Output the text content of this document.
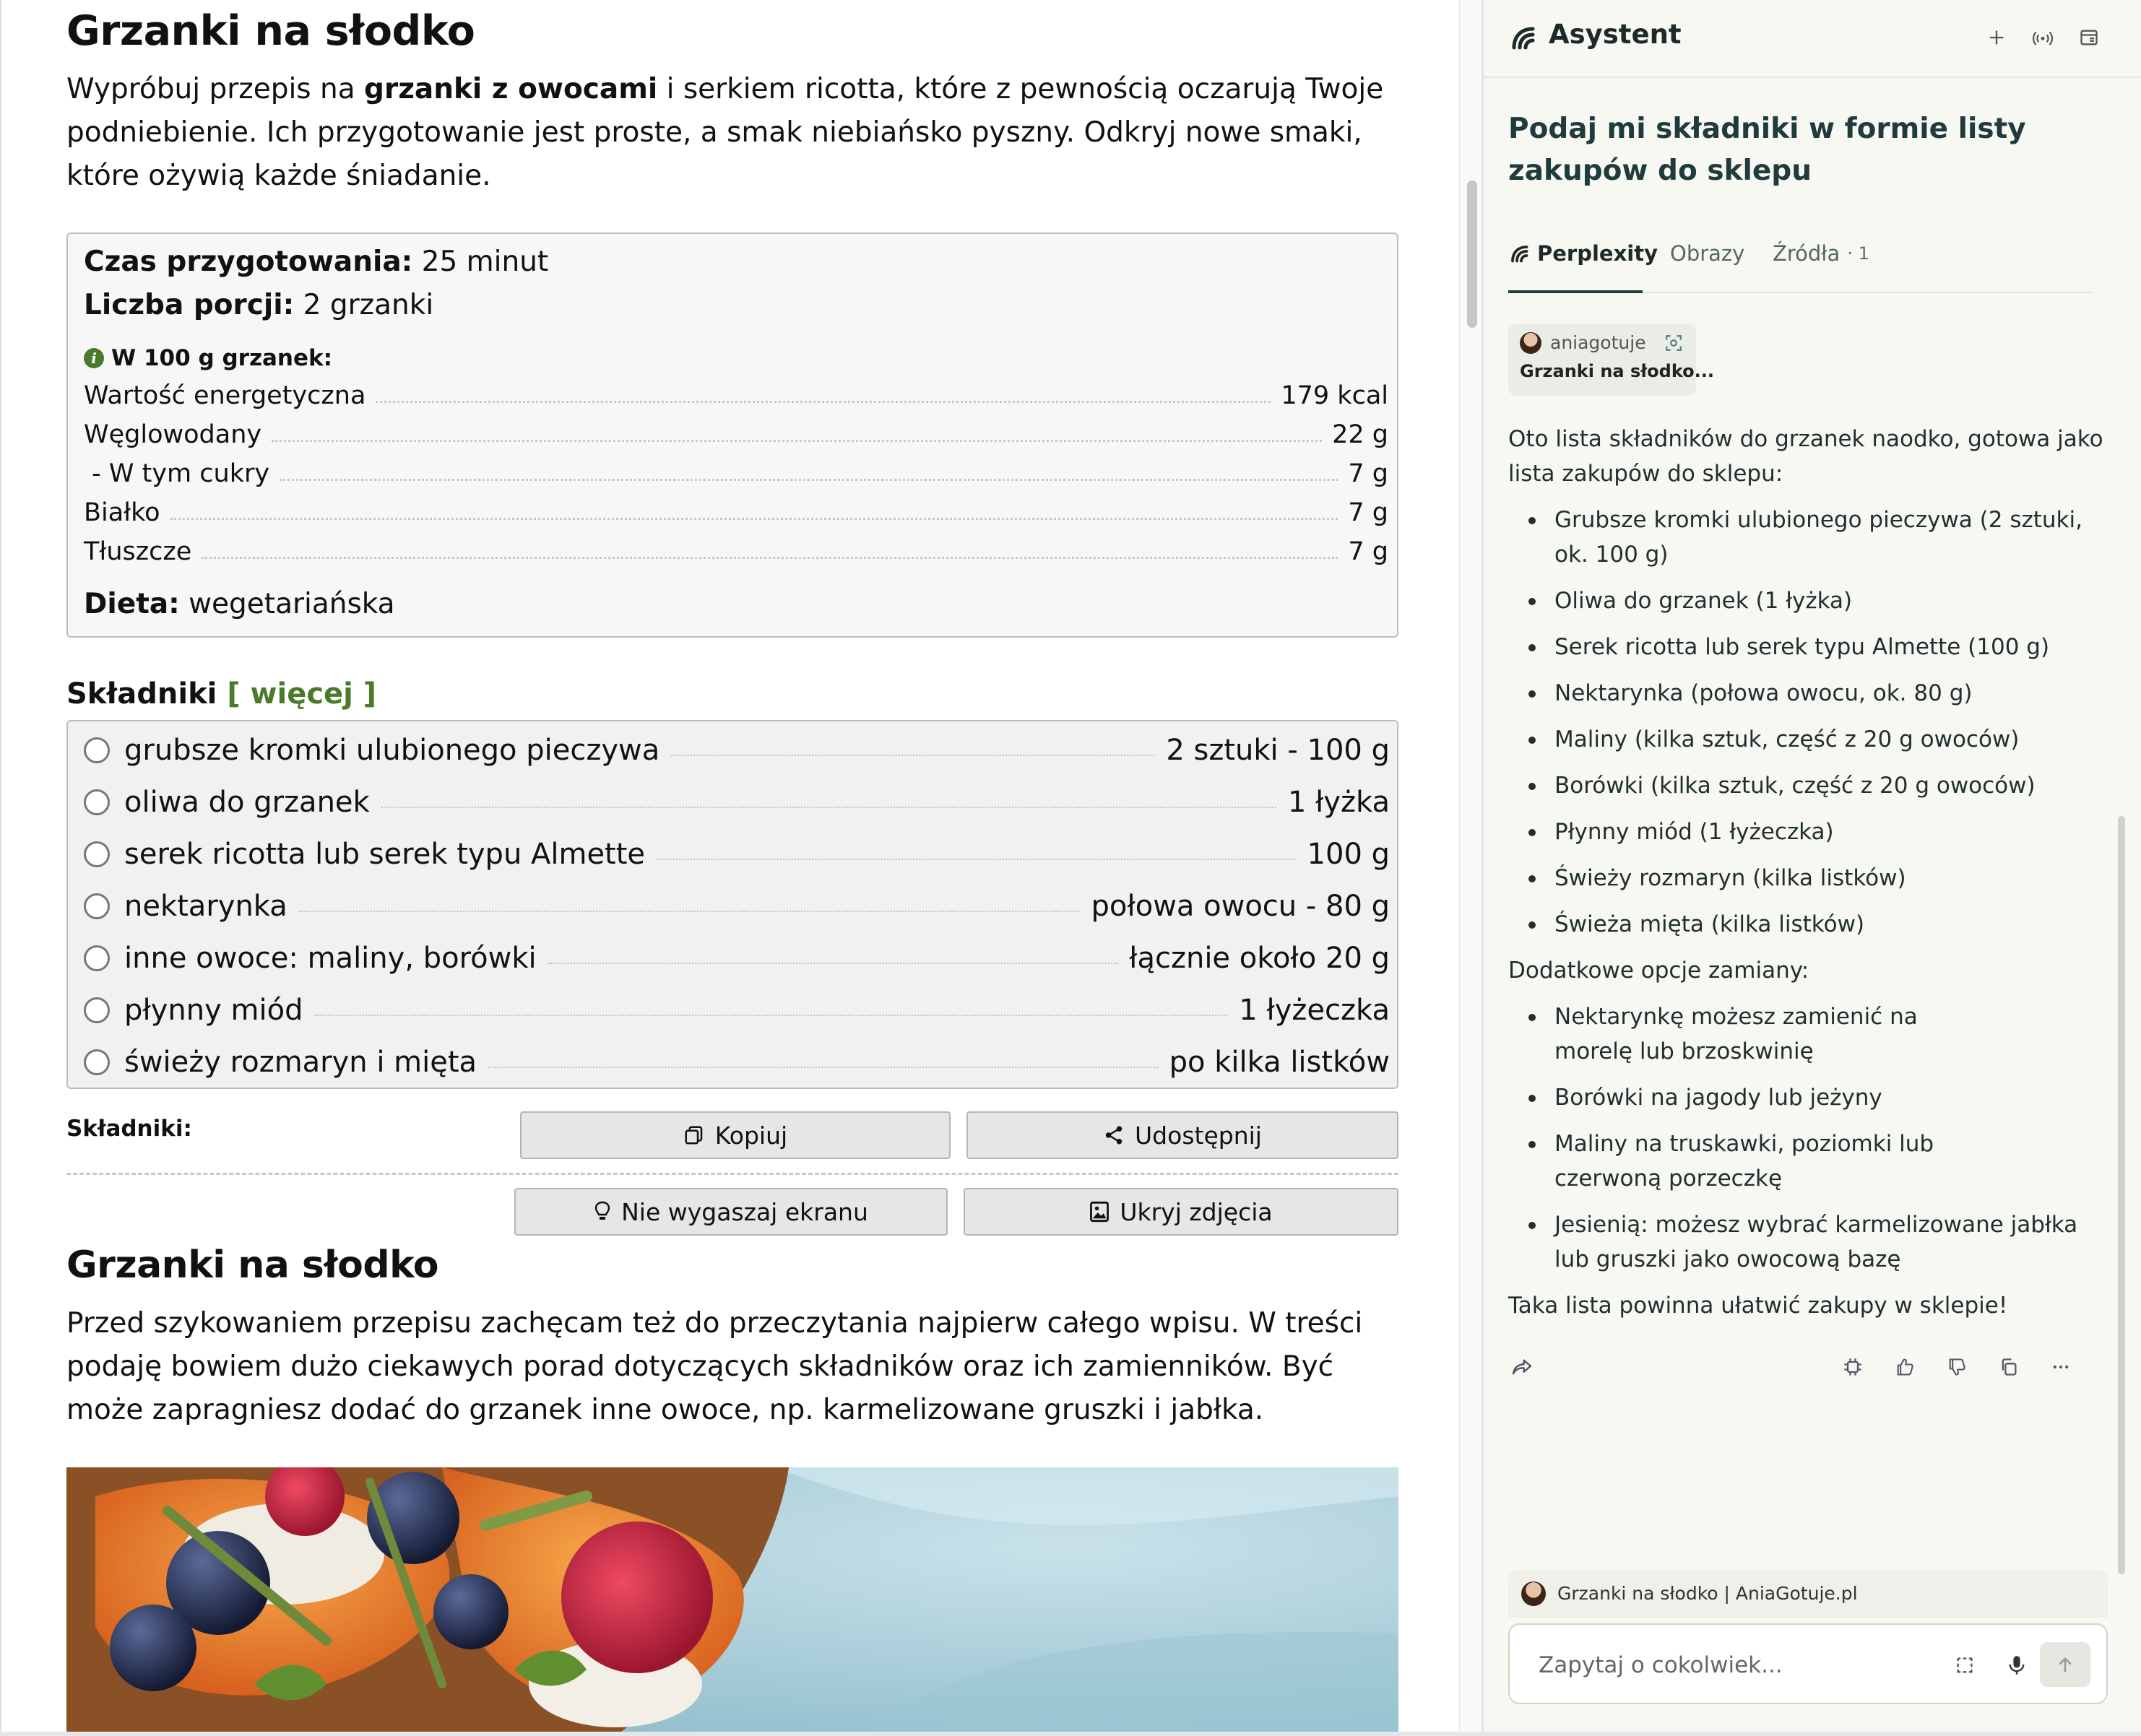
Grzanki na słodko
Wypróbuj przepis na grzanki z owocami i serkiem ricotta, które z pewnością oczarują Twoje podniebienie. Ich przygotowanie jest proste, a smak niebiańsko pyszny. Odkryj nowe smaki, które ożywią każde śniadanie.
Czas przygotowania: 25 minut
Liczba porcji: 2 grzanki
i W 100 g grzanek:
Wartość energetyczna	179 kcal
Węglowodany	22 g
- W tym cukry	7 g
Białko	7 g
Tłuszcze	7 g
Dieta: wegetariańska
Składniki [ więcej ]
grubsze kromki ulubionego pieczywa	2 sztuki - 100 g
oliwa do grzanek	1 łyżka
serek ricotta lub serek typu Almette	100 g
nektarynka	połowa owocu - 80 g
inne owoce: maliny, borówki	łącznie około 20 g
płynny miód	1 łyżeczka
świeży rozmaryn i mięta	po kilka listków
Składniki:	Kopiuj	Udostępnij
Nie wygaszaj ekranu	Ukryj zdjęcia
Grzanki na słodko
Przed szykowaniem przepisu zachęcam też do przeczytania najpierw całego wpisu. W treści podaję bowiem dużo ciekawych porad dotyczących składników oraz ich zamienników. Być może zapragniesz dodać do grzanek inne owoce, np. karmelizowane gruszki i jabłka.
Asystent
Podaj mi składniki w formie listy zakupów do sklepu
Perplexity Obrazy Źródła · 1
aniagotuje
Grzanki na słodko...

Oto lista składników do grzanek naodko, gotowa jako lista zakupów do sklepu:

Grubsze kromki ulubionego pieczywa (2 sztuki, ok. 100 g)
Oliwa do grzanek (1 łyżka)
Serek ricotta lub serek typu Almette (100 g)
Nektarynka (połowa owocu, ok. 80 g)
Maliny (kilka sztuk, część z 20 g owoców)
Borówki (kilka sztuk, część z 20 g owoców)
Płynny miód (1 łyżeczka)
Świeży rozmaryn (kilka listków)
Świeża mięta (kilka listków)

Dodatkowe opcje zamiany:

Nektarynkę możesz zamienić na morelę lub brzoskwinię
Borówki na jagody lub jeżyny
Maliny na truskawki, poziomki lub czerwoną porzeczkę
Jesienią: możesz wybrać karmelizowane jabłka lub gruszki jako owocową bazę

Taka lista powinna ułatwić zakupy w sklepie!

Grzanki na słodko | AniaGotuje.pl
Zapytaj o cokolwiek...
